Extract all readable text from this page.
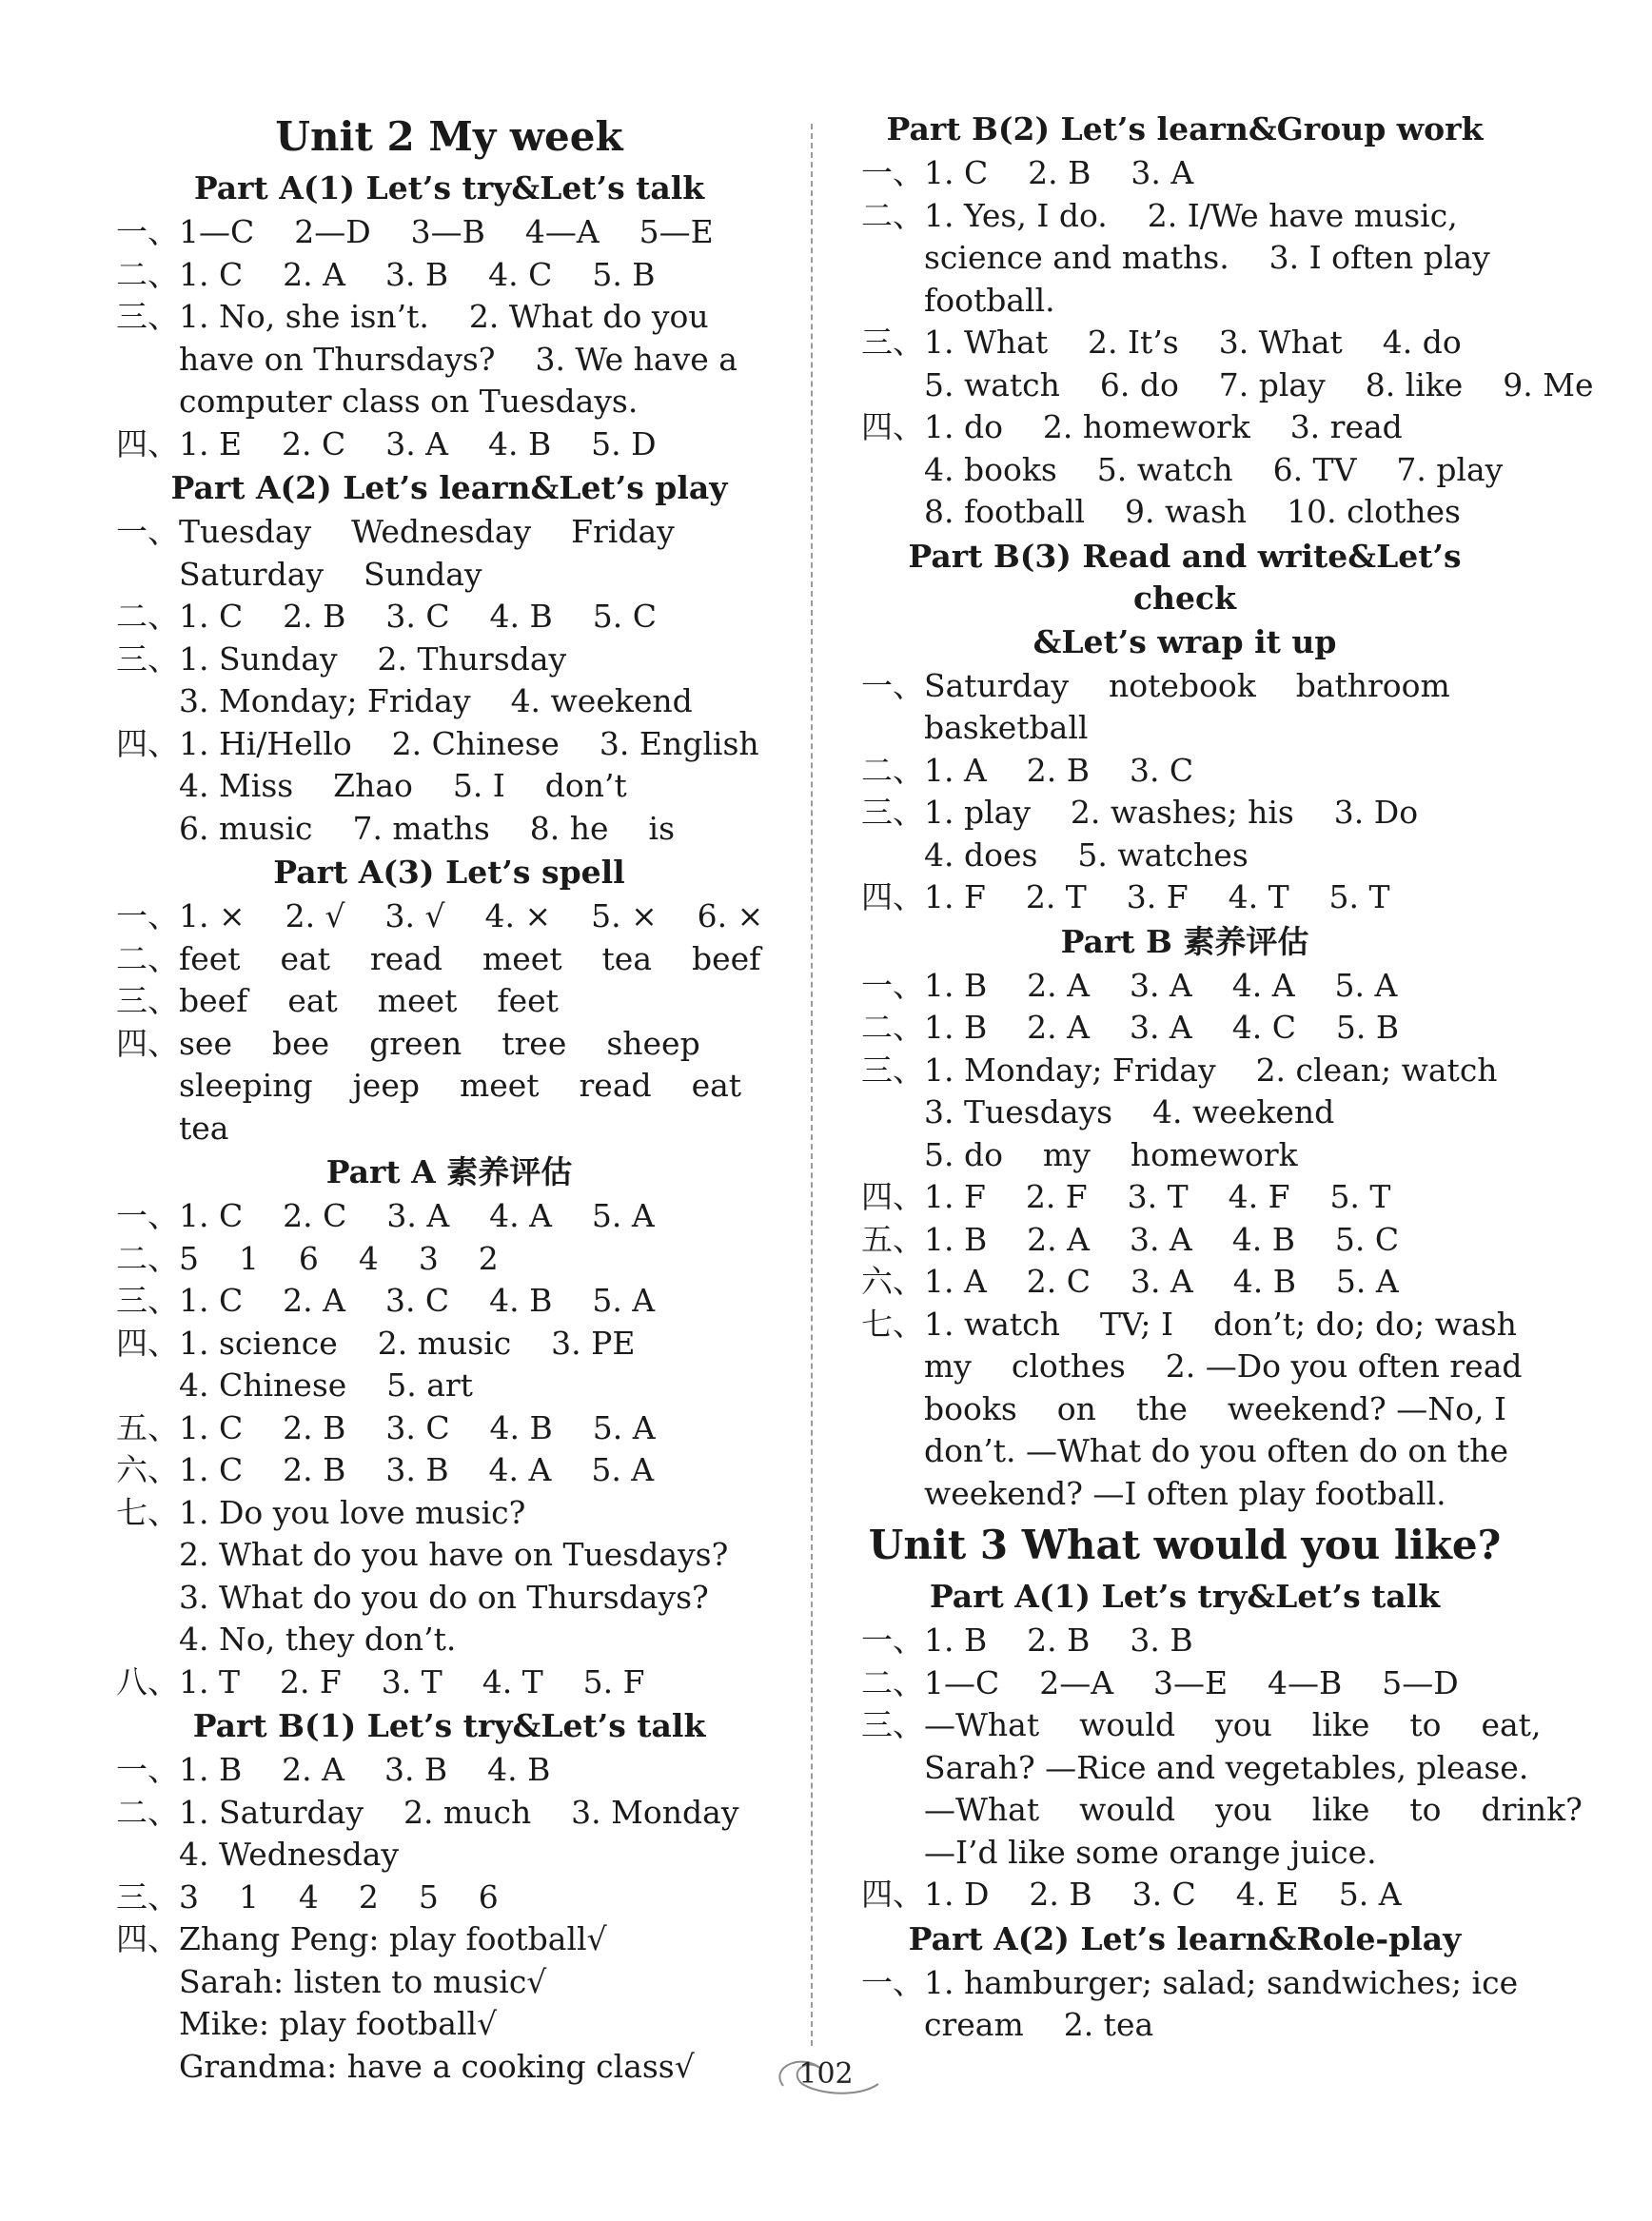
Unit 2 My week
Part A(1) Let’s try&Let’s talk
一、 1—C    2—D    3—B    4—A    5—E
二、 1. C    2. A    3. B    4. C    5. B
三、 1. No, she isn’t.    2. What do you
have on Thursdays?    3. We have a
computer class on Tuesdays.
四、 1. E    2. C    3. A    4. B    5. D
Part A(2) Let’s learn&Let’s play
一、 Tuesday    Wednesday    Friday
Saturday    Sunday
二、 1. C    2. B    3. C    4. B    5. C
三、 1. Sunday    2. Thursday
3. Monday; Friday    4. weekend
四、 1. Hi/Hello    2. Chinese    3. English
4. Miss    Zhao    5. I    don’t
6. music    7. maths    8. he    is
Part A(3) Let’s spell
一、 1. ×    2. √    3. √    4. ×    5. ×    6. ×
二、 feet    eat    read    meet    tea    beef
三、 beef    eat    meet    feet
四、 see    bee    green    tree    sheep
sleeping    jeep    meet    read    eat
tea
Part A 素养评估
一、 1. C    2. C    3. A    4. A    5. A
二、 5    1    6    4    3    2
三、 1. C    2. A    3. C    4. B    5. A
四、 1. science    2. music    3. PE
4. Chinese    5. art
五、 1. C    2. B    3. C    4. B    5. A
六、 1. C    2. B    3. B    4. A    5. A
七、 1. Do you love music?
2. What do you have on Tuesdays?
3. What do you do on Thursdays?
4. No, they don’t.
八、 1. T    2. F    3. T    4. T    5. F
Part B(1) Let’s try&Let’s talk
一、 1. B    2. A    3. B    4. B
二、 1. Saturday    2. much    3. Monday
4. Wednesday
三、 3    1    4    2    5    6
四、 Zhang Peng: play football√
Sarah: listen to music√
Mike: play football√
Grandma: have a cooking class√
Part B(2) Let’s learn&Group work
一、 1. C    2. B    3. A
二、 1. Yes, I do.    2. I/We have music,
science and maths.    3. I often play
football.
三、 1. What    2. It’s    3. What    4. do
5. watch    6. do    7. play    8. like    9. Me
四、 1. do    2. homework    3. read
4. books    5. watch    6. TV    7. play
8. football    9. wash    10. clothes
Part B(3) Read and write&Let’s check
&Let’s wrap it up
一、 Saturday    notebook    bathroom
basketball
二、 1. A    2. B    3. C
三、 1. play    2. washes; his    3. Do
4. does    5. watches
四、 1. F    2. T    3. F    4. T    5. T
Part B 素养评估
一、 1. B    2. A    3. A    4. A    5. A
二、 1. B    2. A    3. A    4. C    5. B
三、 1. Monday; Friday    2. clean; watch
3. Tuesdays    4. weekend
5. do    my    homework
四、 1. F    2. F    3. T    4. F    5. T
五、 1. B    2. A    3. A    4. B    5. C
六、 1. A    2. C    3. A    4. B    5. A
七、 1. watch    TV; I    don’t; do; do; wash
my    clothes    2. —Do you often read
books    on    the    weekend? —No, I
don’t. —What do you often do on the
weekend? —I often play football.
Unit 3 What would you like?
Part A(1) Let’s try&Let’s talk
一、 1. B    2. B    3. B
二、 1—C    2—A    3—E    4—B    5—D
三、 —What    would    you    like    to    eat,
Sarah? —Rice and vegetables, please.
—What    would    you    like    to    drink?
—I’d like some orange juice.
四、 1. D    2. B    3. C    4. E    5. A
Part A(2) Let’s learn&Role-play
一、 1. hamburger; salad; sandwiches; ice
cream    2. tea
102
